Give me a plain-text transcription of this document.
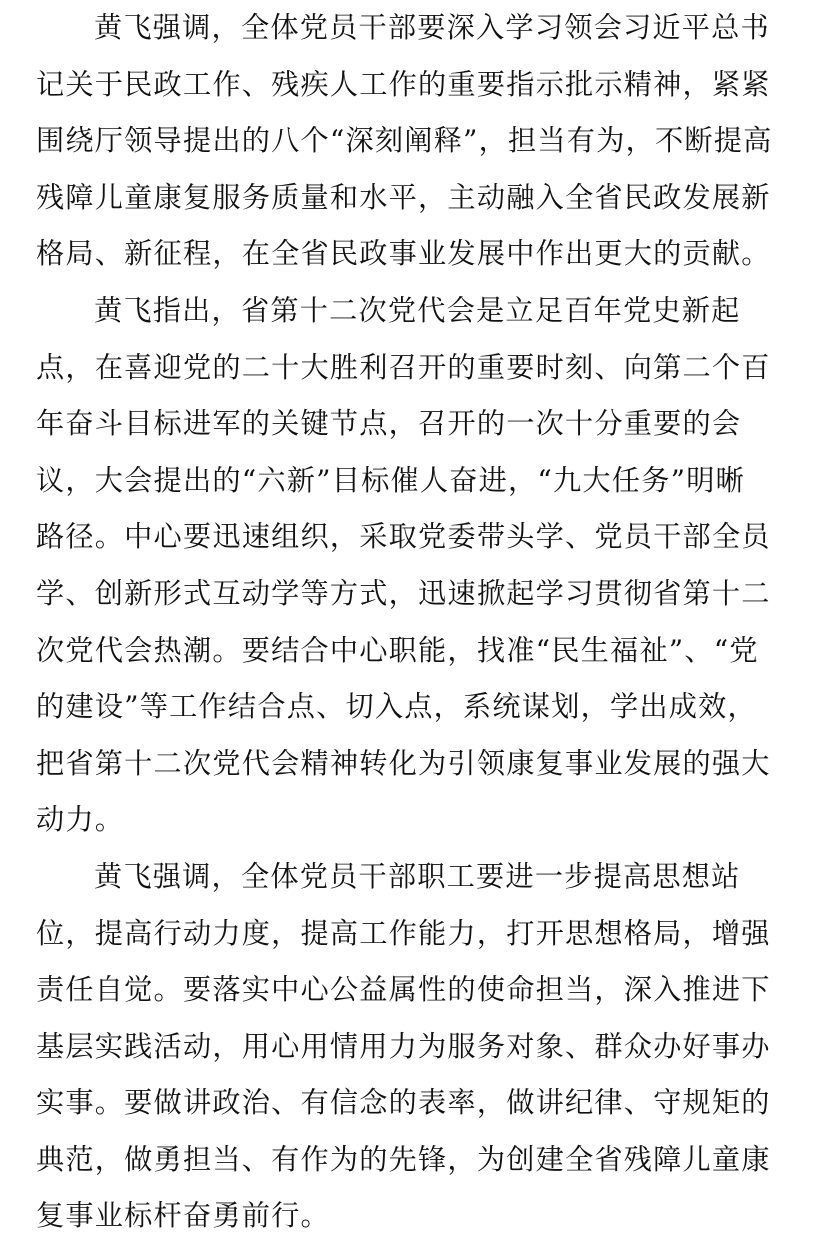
黄飞强调，全体党员干部要深入学习领会习近平总书
记关于民政工作、残疾人工作的重要指示批示精神，紧紧
围绕厅领导提出的八个“深刻阐释”，担当有为，不断提高
残障儿童康复服务质量和水平，主动融入全省民政发展新
格局、新征程，在全省民政事业发展中作出更大的贡献。
黄飞指出，省第十二次党代会是立足百年党史新起
点，在喜迎党的二十大胜利召开的重要时刻、向第二个百
年奋斗目标进军的关键节点，召开的一次十分重要的会
议，大会提出的“六新”目标催人奋进，“九大任务”明晰
路径。中心要迅速组织，采取党委带头学、党员干部全员
学、创新形式互动学等方式，迅速掀起学习贯彻省第十二
次党代会热潮。要结合中心职能，找准“民生福祉”、“党
的建设”等工作结合点、切入点，系统谋划，学出成效，
把省第十二次党代会精神转化为引领康复事业发展的强大
动力。
黄飞强调，全体党员干部职工要进一步提高思想站
位，提高行动力度，提高工作能力，打开思想格局，增强
责任自觉。要落实中心公益属性的使命担当，深入推进下
基层实践活动，用心用情用力为服务对象、群众办好事办
实事。要做讲政治、有信念的表率，做讲纪律、守规矩的
典范，做勇担当、有作为的先锋，为创建全省残障儿童康
复事业标杆奋勇前行。
